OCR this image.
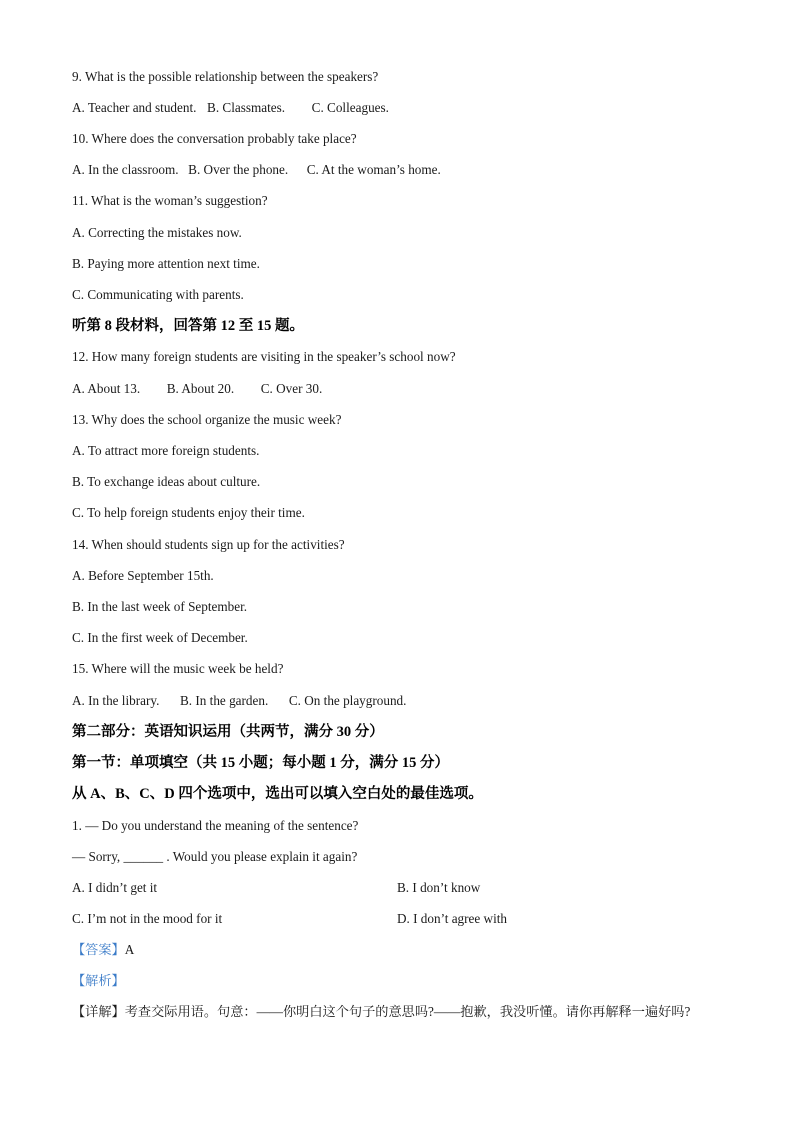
9. What is the possible relationship between the speakers?
A. Teacher and student. B. Classmates. C. Colleagues.
10. Where does the conversation probably take place?
A. In the classroom. B. Over the phone. C. At the woman’s home.
11. What is the woman’s suggestion?
A. Correcting the mistakes now.
B. Paying more attention next time.
C. Communicating with parents.
听第 8 段材料，回答第 12 至 15 题。
12. How many foreign students are visiting in the speaker’s school now?
A. About 13. B. About 20. C. Over 30.
13. Why does the school organize the music week?
A. To attract more foreign students.
B. To exchange ideas about culture.
C. To help foreign students enjoy their time.
14. When should students sign up for the activities?
A. Before September 15th.
B. In the last week of September.
C. In the first week of December.
15. Where will the music week be held?
A. In the library. B. In the garden. C. On the playground.
第二部分：英语知识运用（共两节，满分 30 分）
第一节：单项填空（共 15 小题；每小题 1 分，满分 15 分）
从 A、B、C、D 四个选项中，选出可以填入空白处的最佳选项。
1. — Do you understand the meaning of the sentence?
— Sorry, ______ . Would you please explain it again?
A. I didn’t get it	B. I don’t know
C. I’m not in the mood for it	D. I don’t agree with
【答案】A
【解析】
【详解】考查交际用语。句意：——你明白这个句子的意思吗?——抱歉，我没听懂。请你再解释一遍好吗?
